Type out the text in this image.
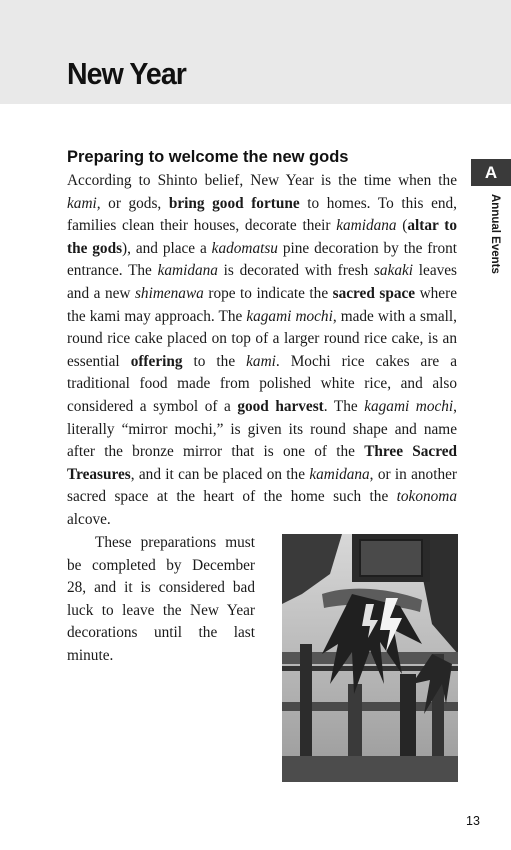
New Year
A
Annual Events
Preparing to welcome the new gods

According to Shinto belief, New Year is the time when the kami, or gods, bring good fortune to homes. To this end, families clean their houses, decorate their kamidana (altar to the gods), and place a kadomatsu pine decoration by the front entrance. The kamidana is decorated with fresh sakaki leaves and a new shimenawa rope to indicate the sacred space where the kami may approach. The kagami mochi, made with a small, round rice cake placed on top of a larger round rice cake, is an essential offering to the kami. Mochi rice cakes are a traditional food made from polished white rice, and also considered a symbol of a good harvest. The kagami mochi, literally “mirror mochi,” is given its round shape and name after the bronze mirror that is one of the Three Sacred Treasures, and it can be placed on the kamidana, or in another sacred space at the heart of the home such the tokonoma alcove.

These preparations must be completed by December 28, and it is considered bad luck to leave the New Year decorations until the last minute.

13
